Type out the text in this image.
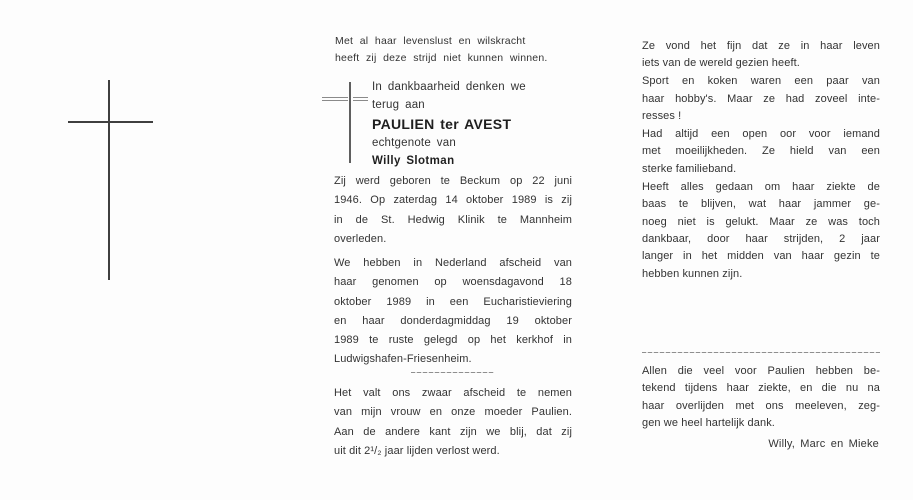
Met al haar levenslust en wilskracht
heeft zij deze strijd niet kunnen winnen.
In dankbaarheid denken we
terug aan
PAULIEN ter AVEST
echtgenote van
Willy Slotman
Zij werd geboren te Beckum op 22 juni
1946. Op zaterdag 14 oktober 1989 is zij
in de St. Hedwig Klinik te Mannheim
overleden.
We hebben in Nederland afscheid van
haar genomen op woensdagavond 18
oktober 1989 in een Eucharistieviering
en haar donderdagmiddag 19 oktober
1989 te ruste gelegd op het kerkhof in
Ludwigshafen-Friesenheim.
Het valt ons zwaar afscheid te nemen
van mijn vrouw en onze moeder Paulien.
Aan de andere kant zijn we blij, dat zij
uit dit 2¹/₂ jaar lijden verlost werd.
Ze vond het fijn dat ze in haar leven
iets van de wereld gezien heeft.
Sport en koken waren een paar van
haar hobby's. Maar ze had zoveel inte-
resses !
Had altijd een open oor voor iemand
met moeilijkheden. Ze hield van een
sterke familieband.
Heeft alles gedaan om haar ziekte de
baas te blijven, wat haar jammer ge-
noeg niet is gelukt. Maar ze was toch
dankbaar, door haar strijden, 2 jaar
langer in het midden van haar gezin te
hebben kunnen zijn.
Allen die veel voor Paulien hebben be-
tekend tijdens haar ziekte, en die nu na
haar overlijden met ons meeleven, zeg-
gen we heel hartelijk dank.
Willy, Marc en Mieke
